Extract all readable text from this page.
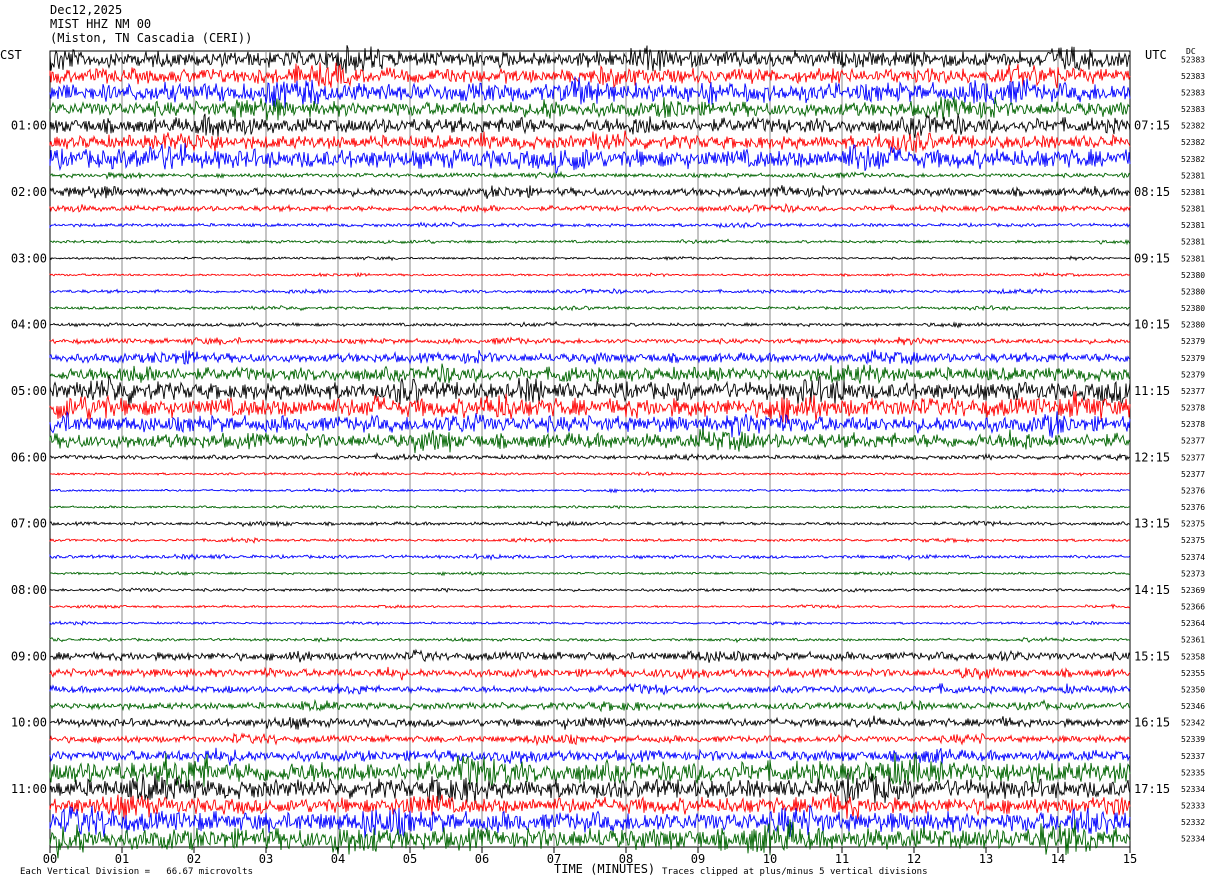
01:00
02:00
03:00
04:00
05:00
06:00
07:00
08:00
09:00
10:00
11:00
07:15
08:15
09:15
10:15
11:15
12:15
13:15
14:15
15:15
16:15
17:15
52383
52383
52383
52383
52382
52382
52382
52381
52381
52381
52381
52381
52381
52380
52380
52380
52380
52379
52379
52379
52377
52378
52378
52377
52377
52377
52376
52376
52375
52375
52374
52373
52369
52366
52364
52361
52358
52355
52350
52346
52342
52339
52337
52335
52334
52333
52332
52334
00	01	02	03	04	05	06	07	08	09	10	11	12	13	14	15
Dec12,2025
MIST HHZ NM 00
(Miston, TN Cascadia (CERI))
CST	UTC DC
TIME (MINUTES)
Each Vertical Division =   66.67 microvolts	Traces clipped at plus/minus 5 vertical divisions
